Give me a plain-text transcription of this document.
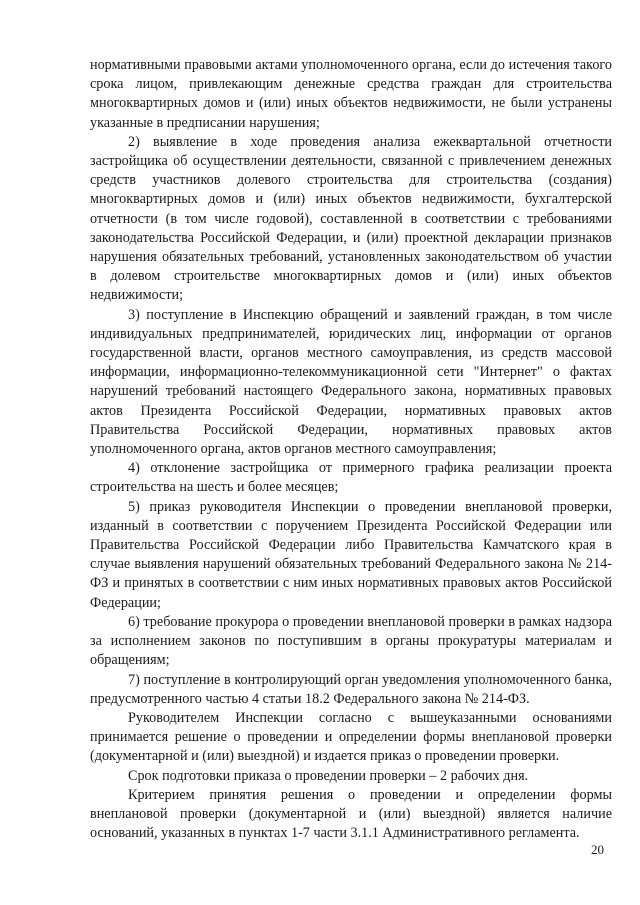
нормативными правовыми актами уполномоченного органа, если до истечения такого срока лицом, привлекающим денежные средства граждан для строительства многоквартирных домов и (или) иных объектов недвижимости, не были устранены указанные в предписании нарушения;

2) выявление в ходе проведения анализа ежеквартальной отчетности застройщика об осуществлении деятельности, связанной с привлечением денежных средств участников долевого строительства для строительства (создания) многоквартирных домов и (или) иных объектов недвижимости, бухгалтерской отчетности (в том числе годовой), составленной в соответствии с требованиями законодательства Российской Федерации, и (или) проектной декларации признаков нарушения обязательных требований, установленных законодательством об участии в долевом строительстве многоквартирных домов и (или) иных объектов недвижимости;

3) поступление в Инспекцию обращений и заявлений граждан, в том числе индивидуальных предпринимателей, юридических лиц, информации от органов государственной власти, органов местного самоуправления, из средств массовой информации, информационно-телекоммуникационной сети "Интернет" о фактах нарушений требований настоящего Федерального закона, нормативных правовых актов Президента Российской Федерации, нормативных правовых актов Правительства Российской Федерации, нормативных правовых актов уполномоченного органа, актов органов местного самоуправления;

4) отклонение застройщика от примерного графика реализации проекта строительства на шесть и более месяцев;

5) приказ руководителя Инспекции о проведении внеплановой проверки, изданный в соответствии с поручением Президента Российской Федерации или Правительства Российской Федерации либо Правительства Камчатского края в случае выявления нарушений обязательных требований Федерального закона № 214-ФЗ и принятых в соответствии с ним иных нормативных правовых актов Российской Федерации;

6) требование прокурора о проведении внеплановой проверки в рамках надзора за исполнением законов по поступившим в органы прокуратуры материалам и обращениям;

7) поступление в контролирующий орган уведомления уполномоченного банка, предусмотренного частью 4 статьи 18.2 Федерального закона № 214-ФЗ.

Руководителем Инспекции согласно с вышеуказанными основаниями принимается решение о проведении и определении формы внеплановой проверки (документарной и (или) выездной) и издается приказ о проведении проверки.

Срок подготовки приказа о проведении проверки – 2 рабочих дня.

Критерием принятия решения о проведении и определении формы внеплановой проверки (документарной и (или) выездной) является наличие оснований, указанных в пунктах 1-7 части 3.1.1 Административного регламента.

20
